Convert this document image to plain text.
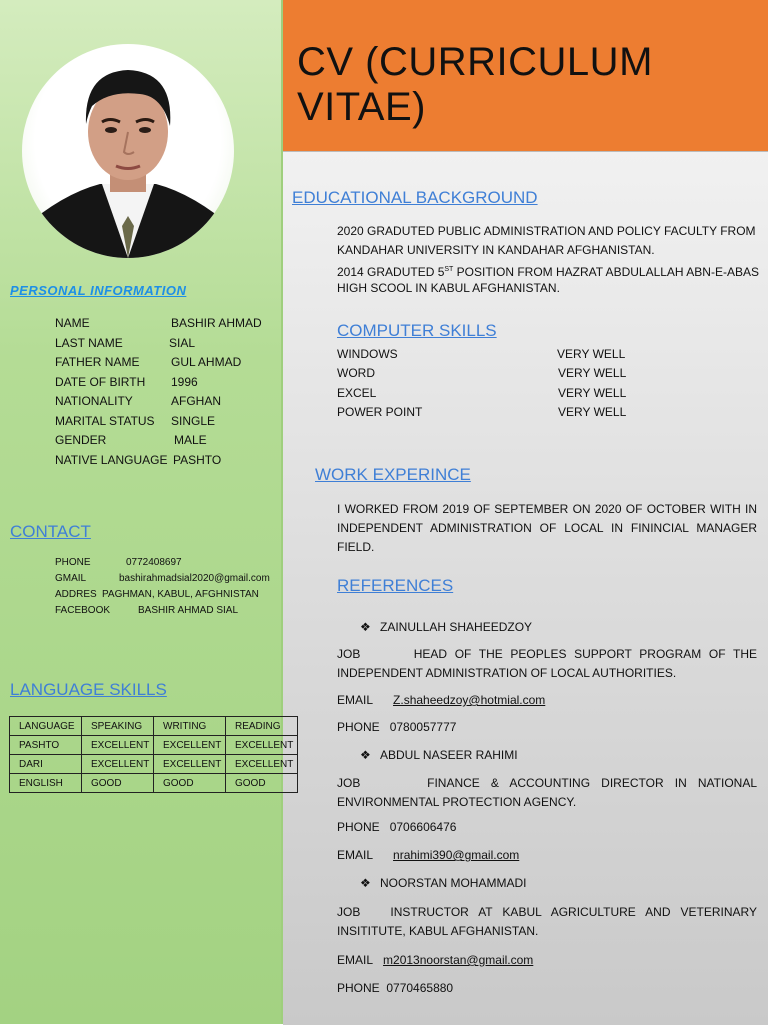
CV (CURRICULUM VITAE)
PERSONAL INFORMATION
NAME	BASHIR AHMAD
LAST NAME	SIAL
FATHER NAME	GUL AHMAD
DATE OF BIRTH 1996
NATIONALITY	AFGHAN
MARITAL STATUS SINGLE
GENDER	MALE
NATIVE LANGUAGE PASHTO
CONTACT
PHONE	0772408697
GMAIL	bashirahmadsial2020@gmail.com
ADDRES PAGHMAN, KABUL, AFGHNISTAN
FACEBOOK	BASHIR AHMAD SIAL
LANGUAGE SKILLS
LANGUAGE	SPEAKING	WRITING	READING
PASHTO	EXCELLENT	EXCELLENT	EXCELLENT
DARI	EXCELLENT	EXCELLENT	EXCELLENT
ENGLISH	GOOD	GOOD	GOOD
EDUCATIONAL BACKGROUND
2020 GRADUTED PUBLIC ADMINISTRATION AND POLICY FACULTY FROM
KANDAHAR UNIVERSITY IN KANDAHAR AFGHANISTAN.
2014 GRADUTED 5ST POSITION FROM HAZRAT ABDULALLAH ABN-E-ABAS
HIGH SCOOL IN KABUL AFGHANISTAN.
COMPUTER SKILLS
WINDOWS	VERY WELL
WORD	VERY WELL
EXCEL	VERY WELL
POWER POINT	VERY WELL
WORK EXPERINCE
I WORKED FROM 2019 OF SEPTEMBER ON 2020 OF OCTOBER WITH IN INDEPENDENT ADMINISTRATION OF LOCAL IN FININCIAL MANAGER FIELD.
REFERENCES
❖ ZAINULLAH SHAHEEDZOY
JOB	HEAD OF THE PEOPLES SUPPORT PROGRAM OF THE INDEPENDENT ADMINISTRATION OF LOCAL AUTHORITIES.
EMAIL Z.shaheedzoy@hotmial.com
PHONE 0780057777
❖ ABDUL NASEER RAHIMI
JOB	FINANCE & ACCOUNTING DIRECTOR IN NATIONAL ENVIRONMENTAL PROTECTION AGENCY.
PHONE 0706606476
EMAIL nrahimi390@gmail.com
❖ NOORSTAN MOHAMMADI
JOB	INSTRUCTOR AT KABUL AGRICULTURE AND VETERINARY INSITITUTE, KABUL AFGHANISTAN.
EMAIL m2013noorstan@gmail.com
PHONE 0770465880
